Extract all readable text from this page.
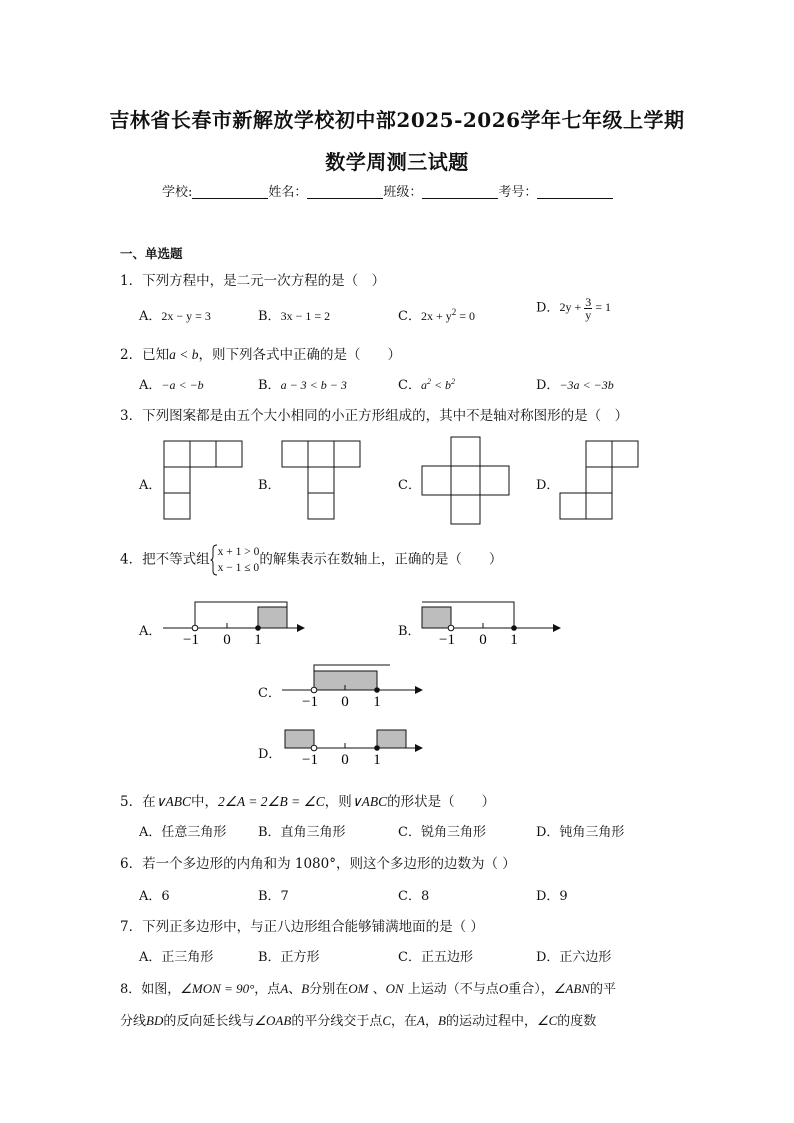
吉林省长春市新解放学校初中部2025-2026学年七年级上学期
数学周测三试题
学校:	姓名：	班级：	考号：
一、单选题
1．下列方程中，是二元一次方程的是（　）
A．2x − y = 3	B．3x − 1 = 2	C．$2x + y^2 = 0$
D．$2y + \frac{3}{y} = 1$
2．已知a < b，则下列各式中正确的是（　　）
A．−a < −b	B．a − 3 < b − 3	C．$a^2 < b^2$	D．−3a < −3b
3．下列图案都是由五个大小相同的小正方形组成的，其中不是轴对称图形的是（　）
A．	B．	C．	D．
4．把不等式组 x + 1 > 0
x − 1 ≤ 0
的解集表示在数轴上，正确的是（　　）
A．	B．
C．
D．
−1 0 1	−1 0 1
−1 0 1
−1 0 1
5．在∨ABC中，2∠A = 2∠B = ∠C，则∨ABC的形状是（　　）
A．任意三角形 B．直角三角形	C．锐角三角形	D．钝角三角形
6．若一个多边形的内角和为 1080°，则这个多边形的边数为（ ）
A．6	B．7	C．8	D．9
7．下列正多边形中，与正八边形组合能够铺满地面的是（ ）
A．正三角形	B．正方形	C．正五边形	D．正六边形
8．如图，∠MON = 90°，点A、B分别在OM 、ON 上运动（不与点O重合），∠ABN的平
分线BD的反向延长线与∠OAB的平分线交于点C，在A，B的运动过程中，∠C的度数
